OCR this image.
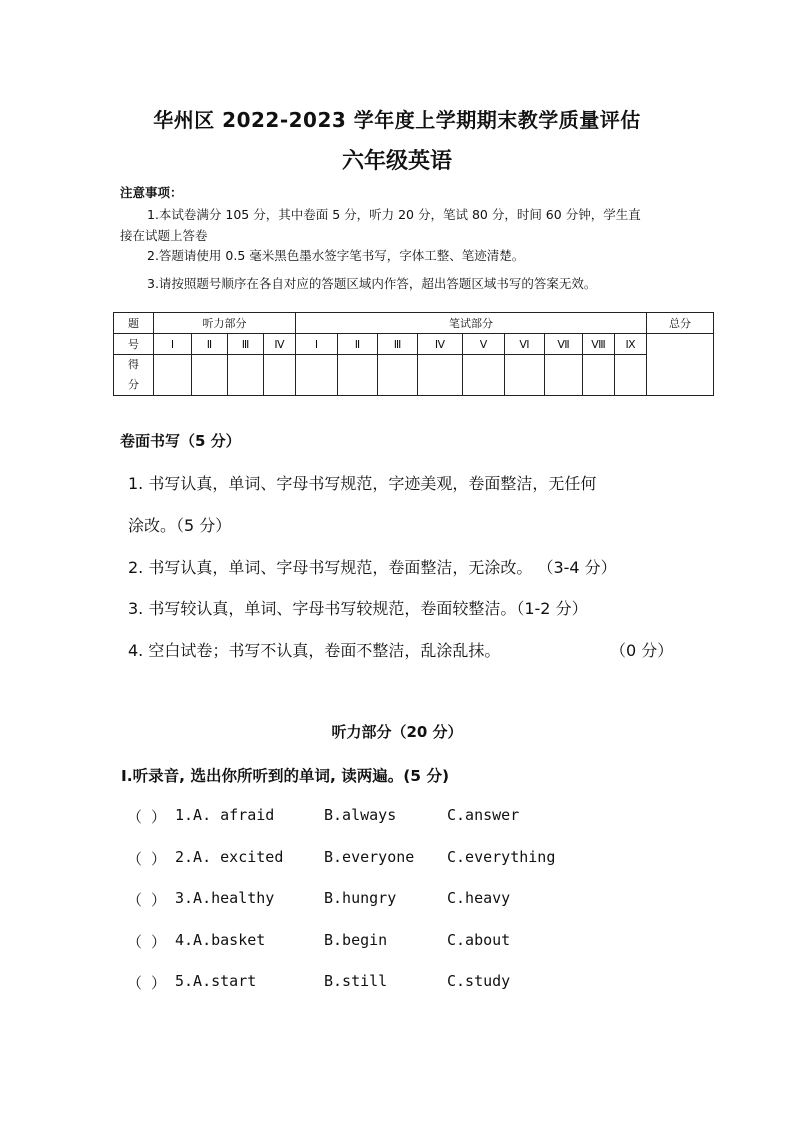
华州区 2022-2023 学年度上学期期末教学质量评估
六年级英语
注意事项：
1.本试卷满分 105 分，其中卷面 5 分，听力 20 分，笔试 80 分，时间 60 分钟，学生直
接在试题上答卷
2.答题请使用 0.5 毫米黑色墨水签字笔书写，字体工整、笔迹清楚。
3.请按照题号顺序在各自对应的答题区域内作答，超出答题区域书写的答案无效。
题	听力部分				笔试部分									总分
号	Ⅰ	Ⅱ	Ⅲ	Ⅳ	Ⅰ	Ⅱ	Ⅲ	Ⅳ	Ⅴ	Ⅵ	Ⅶ	Ⅷ	Ⅸ	

得
分														

卷面书写（5 分）
1. 书写认真，单词、字母书写规范，字迹美观，卷面整洁，无任何
涂改。（5 分）
2. 书写认真，单词、字母书写规范，卷面整洁，无涂改。 （3-4 分）
3. 书写较认真，单词、字母书写较规范，卷面较整洁。（1-2 分）
4. 空白试卷；书写不认真，卷面不整洁，乱涂乱抹。	（0 分）
听力部分（20 分）
Ⅰ.听录音, 选出你所听到的单词, 读两遍。(5 分)
（ ） 1.A. afraid	B.always	C.answer
（ ） 2.A. excited	B.everyone C.everything
（ ） 3.A.healthy	B.hungry	C.heavy
（ ） 4.A.basket	B.begin	C.about
（ ） 5.A.start	B.still	C.study
